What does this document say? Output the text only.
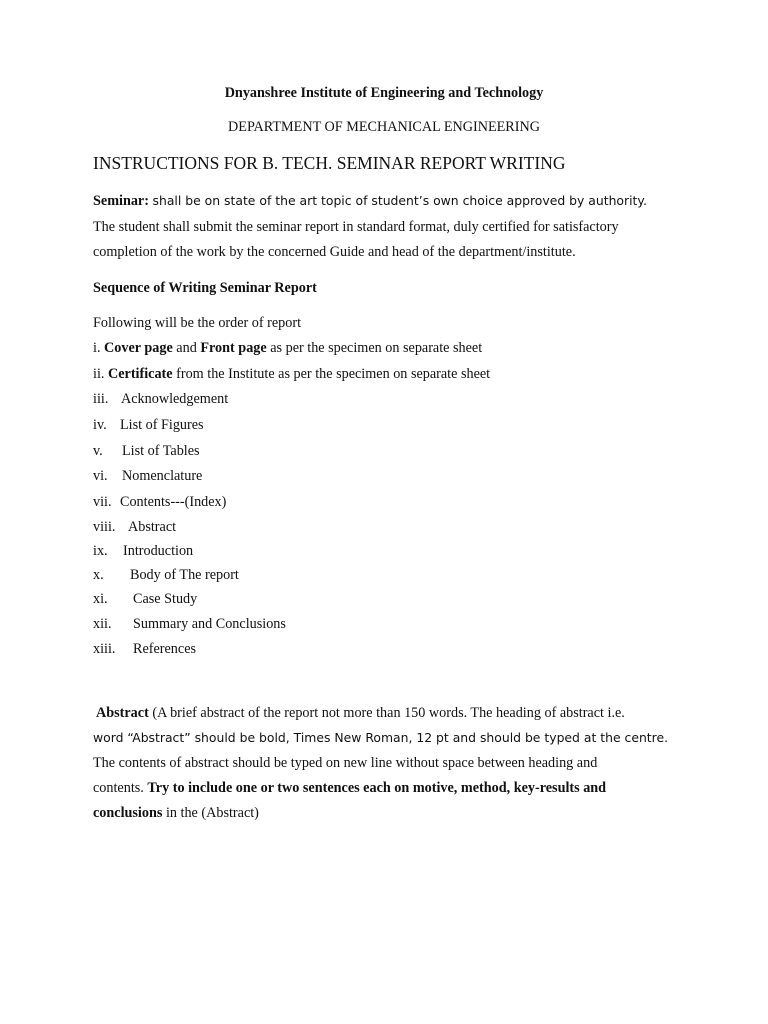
Dnyanshree Institute of Engineering and Technology
DEPARTMENT OF MECHANICAL ENGINEERING
INSTRUCTIONS FOR B. TECH. SEMINAR REPORT WRITING
Seminar: shall be on state of the art topic of student’s own choice approved by authority.
The student shall submit the seminar report in standard format, duly certified for satisfactory
completion of the work by the concerned Guide and head of the department/institute.
Sequence of Writing Seminar Report
Following will be the order of report
i. Cover page and Front page as per the specimen on separate sheet
ii. Certificate from the Institute as per the specimen on separate sheet
iii. Acknowledgement
iv. List of Figures
v. List of Tables
vi. Nomenclature
vii. Contents---(Index)
viii. Abstract
ix. Introduction
x. Body of The report
xi. Case Study
xii. Summary and Conclusions
xiii. References
Abstract (A brief abstract of the report not more than 150 words. The heading of abstract i.e.
word “Abstract” should be bold, Times New Roman, 12 pt and should be typed at the centre.
The contents of abstract should be typed on new line without space between heading and
contents. Try to include one or two sentences each on motive, method, key-results and
conclusions in the (Abstract)
